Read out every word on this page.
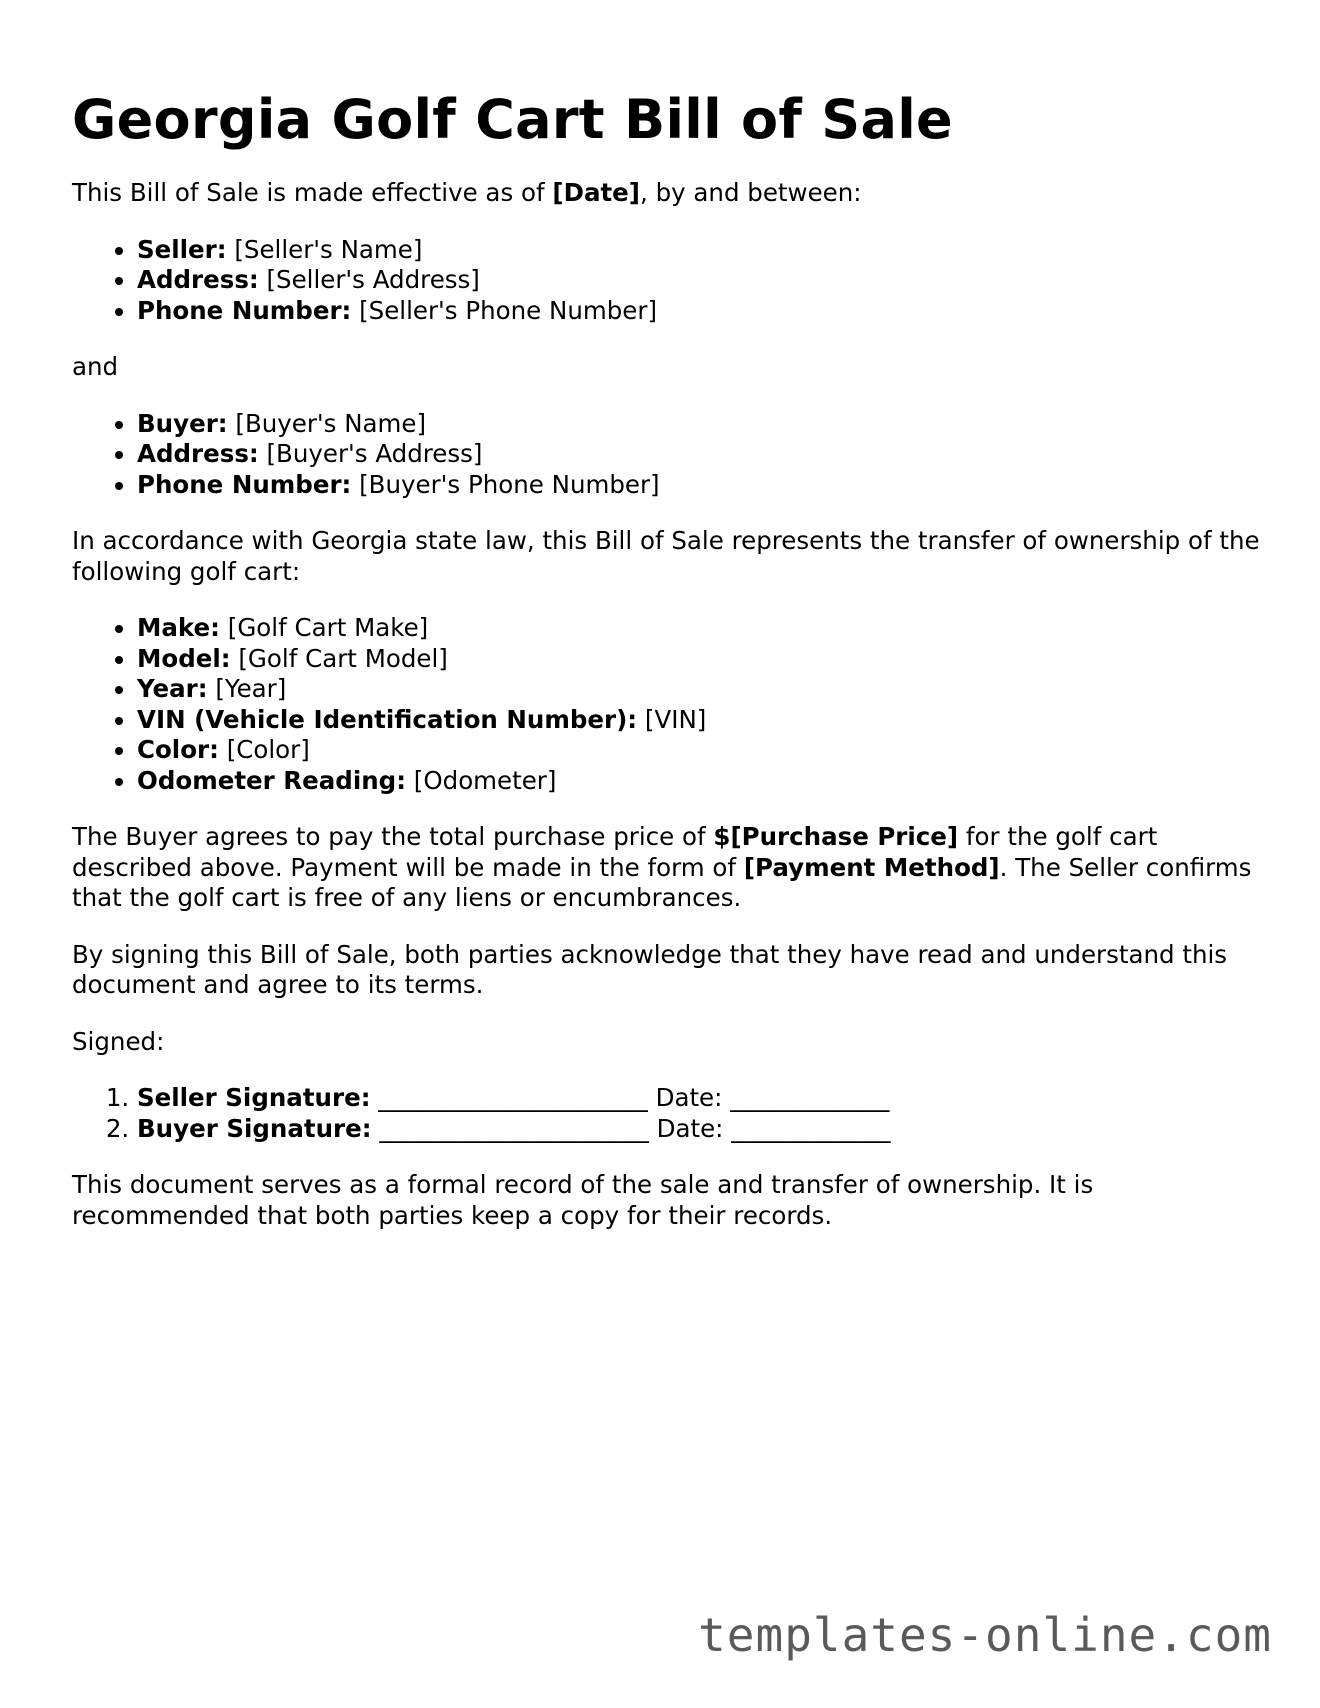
Georgia Golf Cart Bill of Sale

This Bill of Sale is made effective as of [Date], by and between:

• Seller: [Seller's Name]
• Address: [Seller's Address]
• Phone Number: [Seller's Phone Number]

and

• Buyer: [Buyer's Name]
• Address: [Buyer's Address]
• Phone Number: [Buyer's Phone Number]

In accordance with Georgia state law, this Bill of Sale represents the transfer of ownership of the following golf cart:

• Make: [Golf Cart Make]
• Model: [Golf Cart Model]
• Year: [Year]
• VIN (Vehicle Identification Number): [VIN]
• Color: [Color]
• Odometer Reading: [Odometer]

The Buyer agrees to pay the total purchase price of $[Purchase Price] for the golf cart described above. Payment will be made in the form of [Payment Method]. The Seller confirms that the golf cart is free of any liens or encumbrances.

By signing this Bill of Sale, both parties acknowledge that they have read and understand this document and agree to its terms.

Signed:

1. Seller Signature: ______________________ Date: _____________
2. Buyer Signature: ______________________ Date: _____________

This document serves as a formal record of the sale and transfer of ownership. It is recommended that both parties keep a copy for their records.

templates-online.com
